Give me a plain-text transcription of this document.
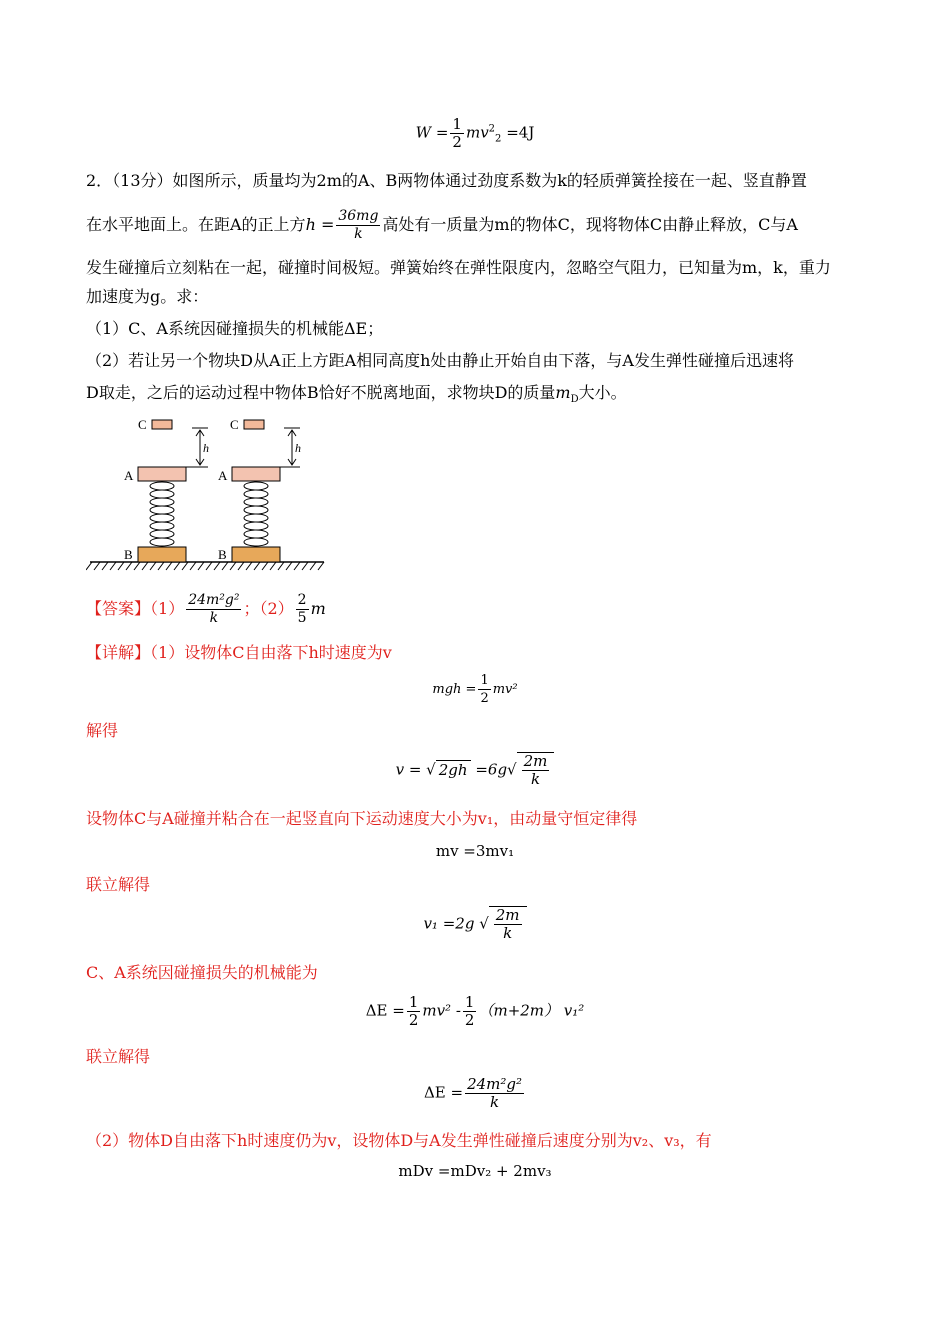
$W = \frac{1}{2} mv^2_2 =4J$
2．（13分）如图所示，质量均为2m的A、B两物体通过劲度系数为k的轻质弹簧拴接在一起、竖直静置
在水平地面上。在距A的正上方$h = \frac{36mg}{k}$ 高处有一质量为m的物体C，现将物体C由静止释放，C与A
发生碰撞后立刻粘在一起，碰撞时间极短。弹簧始终在弹性限度内，忽略空气阻力，已知量为m，k，重力
加速度为g。求：
（1）C、A系统因碰撞损失的机械能ΔE；
（2）若让另一个物块D从A正上方距A相同高度h处由静止开始自由下落，与A发生弹性碰撞后迅速将
D取走，之后的运动过程中物体B恰好不脱离地面，求物块D的质量$m_D$大小。
C
h
A
B
C
h
A
B
【答案】$(1) \frac{\text{24m²g²}}{k}$ ；$(2) \frac{2}{5}$ m
【详解】（1）设物体C自由落下h时速度为v
mgh = $\frac{1}{2} mv^2$
解得
v = √ $2gh =6g√ \frac{2m}{k}$
设物体C与A碰撞并粘合在一起竖直向下运动速度大小为v₁，由动量守恒定律得
mv =3mv₁
联立解得
v₁ =2g √ $\frac{2m}{k}$
C、A系统因碰撞损失的机械能为
$\Delta E = \frac{1}{2} mv^2 - \frac{1}{2} (m+2m)$ v₁²
联立解得
$\Delta E = \frac{\text{24m²g²}}{k}$
（2）物体D自由落下h时速度仍为v，设物体D与A发生弹性碰撞后速度分别为v₂、v₃，有
mDv =mDv₂ + 2mv₃
